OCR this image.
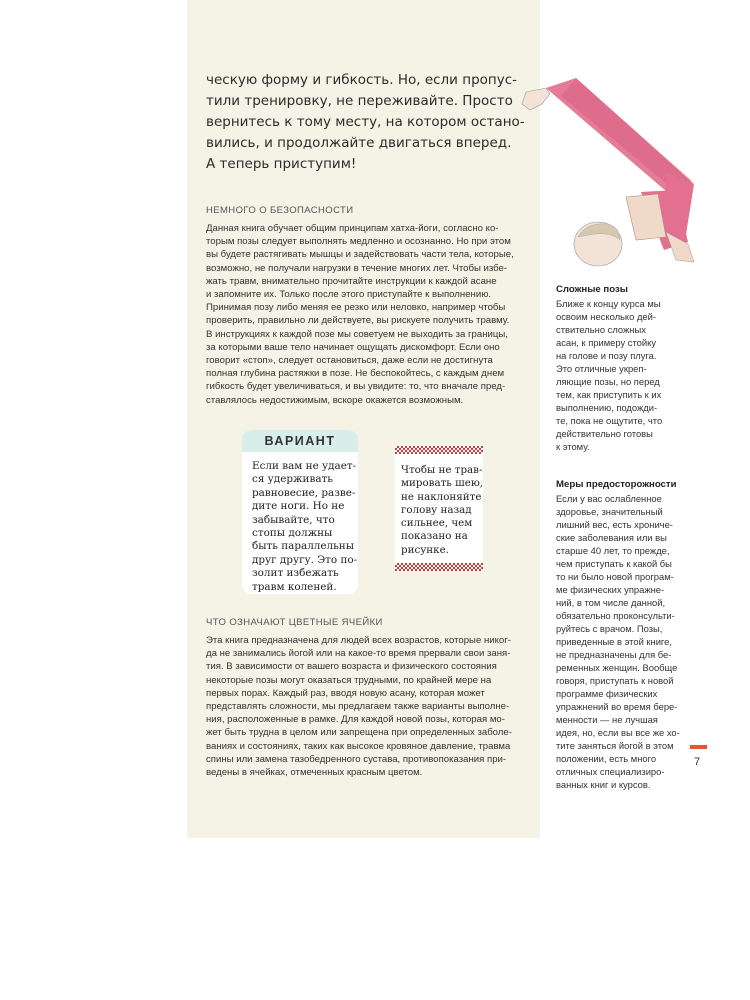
ческую форму и гибкость. Но, если пропус-
тили тренировку, не переживайте. Просто
вернитесь к тому месту, на котором остано-
вились, и продолжайте двигаться вперед.
А теперь приступим!
НЕМНОГО О БЕЗОПАСНОСТИ
Данная книга обучает общим принципам хатха-йоги, согласно ко-
торым позы следует выполнять медленно и осознанно. Но при этом
вы будете растягивать мышцы и задействовать части тела, которые,
возможно, не получали нагрузки в течение многих лет. Чтобы избе-
жать травм, внимательно прочитайте инструкции к каждой асане
и запомните их. Только после этого приступайте к выполнению.
Принимая позу либо меняя ее резко или неловко, например чтобы
проверить, правильно ли действуете, вы рискуете получить травму.
В инструкциях к каждой позе мы советуем не выходить за границы,
за которыми ваше тело начинает ощущать дискомфорт. Если оно
говорит «стоп», следует остановиться, даже если не достигнута
полная глубина растяжки в позе. Не беспокойтесь, с каждым днем
гибкость будет увеличиваться, и вы увидите: то, что вначале пред-
ставлялось недостижимым, вскоре окажется возможным.
ВАРИАНТ
Если вам не удает-
ся удерживать
равновесие, разве-
дите ноги. Но не
забывайте, что
стопы должны
быть параллельны
друг другу. Это по-
золит избежать
травм коленей.
Чтобы не трав-
мировать шею,
не наклоняйте
голову назад
сильнее, чем
показано на
рисунке.
ЧТО ОЗНАЧАЮТ ЦВЕТНЫЕ ЯЧЕЙКИ
Эта книга предназначена для людей всех возрастов, которые никог-
да не занимались йогой или на какое-то время прервали свои заня-
тия. В зависимости от вашего возраста и физического состояния
некоторые позы могут оказаться трудными, по крайней мере на
первых порах. Каждый раз, вводя новую асану, которая может
представлять сложности, мы предлагаем также варианты выполне-
ния, расположенные в рамке. Для каждой новой позы, которая мо-
жет быть трудна в целом или запрещена при определенных заболе-
ваниях и состояниях, таких как высокое кровяное давление, травма
спины или замена тазобедренного сустава, противопоказания при-
ведены в ячейках, отмеченных красным цветом.
Сложные позы
Ближе к концу курса мы
освоим несколько дей-
ствительно сложных
асан, к примеру стойку
на голове и позу плуга.
Это отличные укреп-
ляющие позы, но перед
тем, как приступить к их
выполнению, подожди-
те, пока не ощутите, что
действительно готовы
к этому.
Меры предосторожности
Если у вас ослабленное
здоровье, значительный
лишний вес, есть хрониче-
ские заболевания или вы
старше 40 лет, то прежде,
чем приступать к какой бы
то ни было новой програм-
ме физических упражне-
ний, в том числе данной,
обязательно проконсульти-
руйтесь с врачом. Позы,
приведенные в этой книге,
не предназначены для бе-
ременных женщин. Вообще
говоря, приступать к новой
программе физических
упражнений во время бере-
менности — не лучшая
идея, но, если вы все же хо-
тите заняться йогой в этом
положении, есть много
отличных специализиро-
ванных книг и курсов.
7
